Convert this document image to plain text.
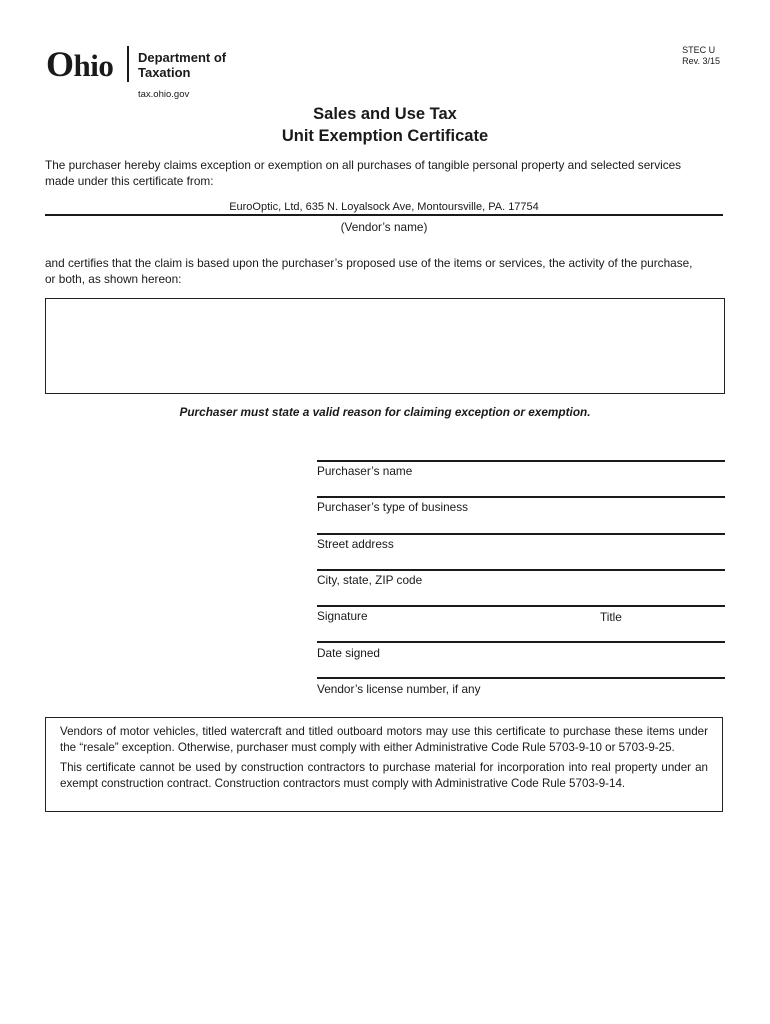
Ohio Department of
Taxation
tax.ohio.gov
STEC U
Rev. 3/15
Sales and Use Tax
Unit Exemption Certificate
The purchaser hereby claims exception or exemption on all purchases of tangible personal property and selected services
made under this certificate from:
EuroOptic, Ltd, 635 N. Loyalsock Ave, Montoursville, PA. 17754
(Vendor’s name)
and certifies that the claim is based upon the purchaser’s proposed use of the items or services, the activity of the purchase,
or both, as shown hereon:
Purchaser must state a valid reason for claiming exception or exemption.
Purchaser’s name
Purchaser’s type of business
Street address
City, state, ZIP code
Signature	Title
Date signed
Vendor’s license number, if any

Vendors of motor vehicles, titled watercraft and titled outboard motors may use this certificate to purchase these items under the “resale” exception. Otherwise, purchaser must comply with either Administrative Code Rule 5703-9-10 or 5703-9-25.

This certificate cannot be used by construction contractors to purchase material for incorporation into real property under an exempt construction contract. Construction contractors must comply with Administrative Code Rule 5703-9-14.
